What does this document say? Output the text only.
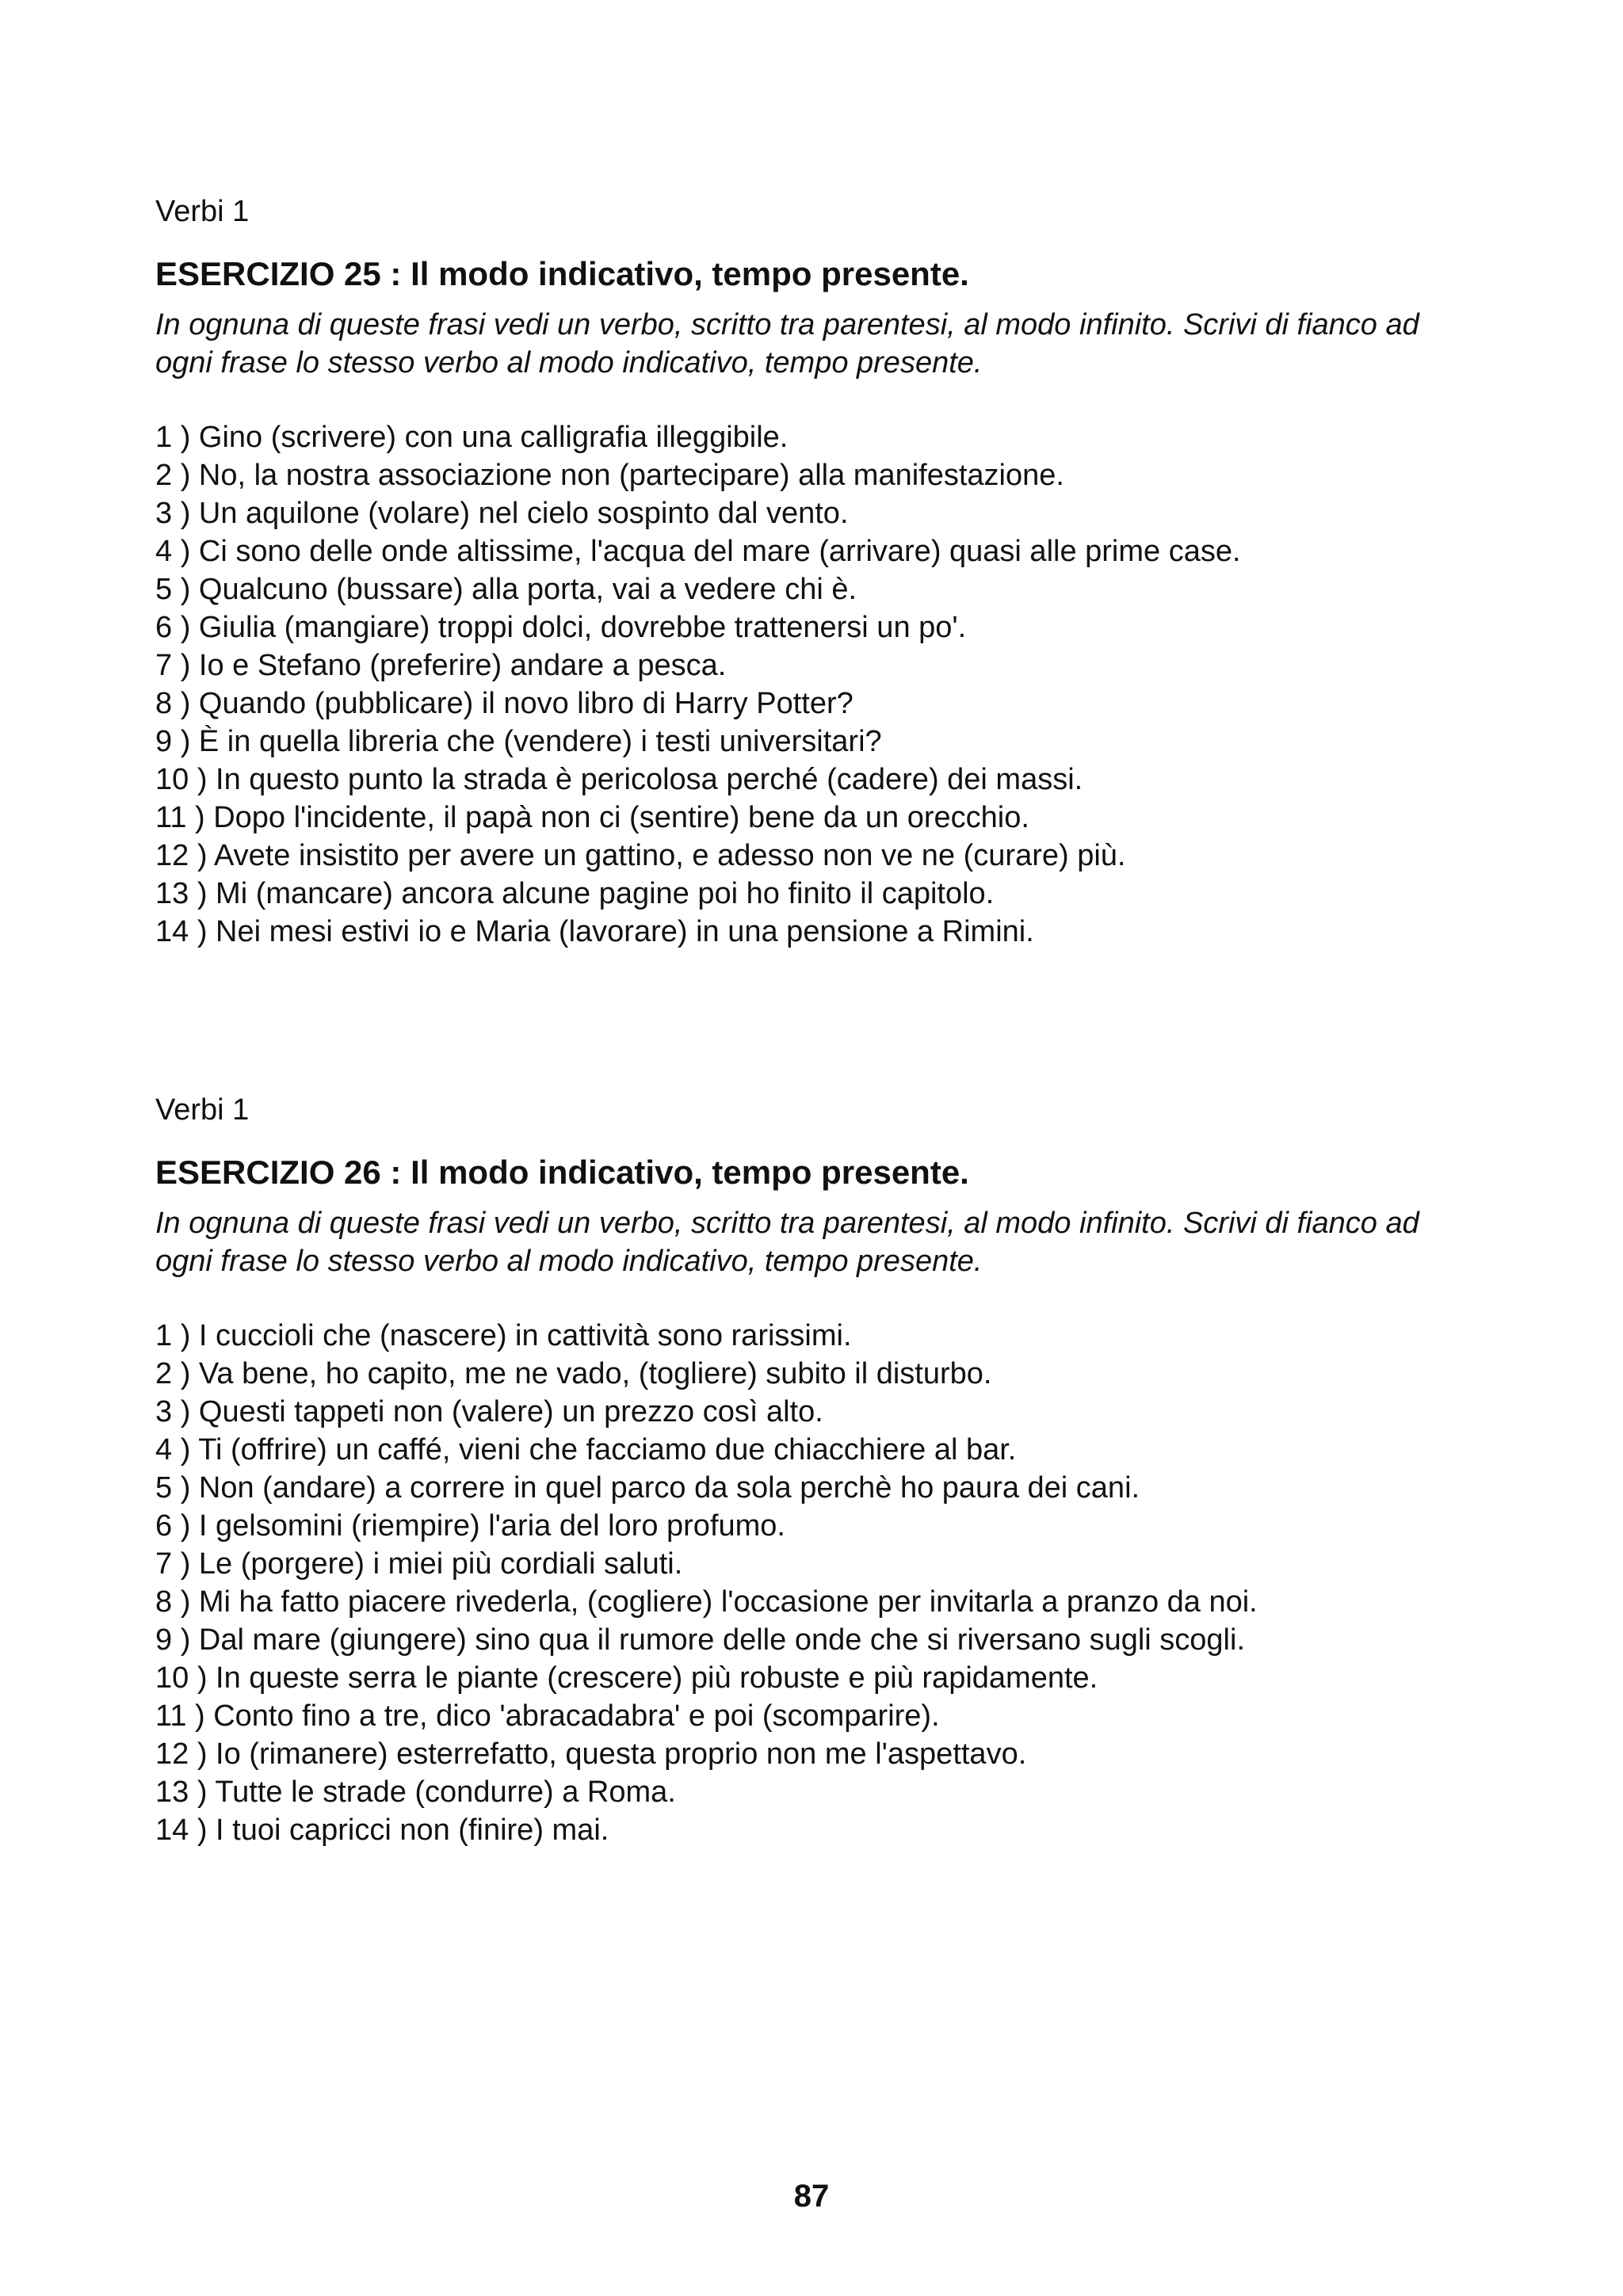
Verbi 1

ESERCIZIO 25 : Il modo indicativo, tempo presente.

In ognuna di queste frasi vedi un verbo, scritto tra parentesi, al modo infinito. Scrivi di fianco ad ogni frase lo stesso verbo al modo indicativo, tempo presente.

1 ) Gino (scrivere) con una calligrafia illeggibile.
2 ) No, la nostra associazione non (partecipare) alla manifestazione.
3 ) Un aquilone (volare) nel cielo sospinto dal vento.
4 ) Ci sono delle onde altissime, l'acqua del mare (arrivare) quasi alle prime case.
5 ) Qualcuno (bussare) alla porta, vai a vedere chi è.
6 ) Giulia (mangiare) troppi dolci, dovrebbe trattenersi un po'.
7 ) Io e Stefano (preferire) andare a pesca.
8 ) Quando (pubblicare) il novo libro di Harry Potter?
9 ) È in quella libreria che (vendere) i testi universitari?
10 ) In questo punto la strada è pericolosa perché (cadere) dei massi.
11 ) Dopo l'incidente, il papà non ci (sentire) bene da un orecchio.
12 ) Avete insistito per avere un gattino, e adesso non ve ne (curare) più.
13 ) Mi (mancare) ancora alcune pagine poi ho finito il capitolo.
14 ) Nei mesi estivi io e Maria (lavorare) in una pensione a Rimini.

Verbi 1

ESERCIZIO 26 : Il modo indicativo, tempo presente.

In ognuna di queste frasi vedi un verbo, scritto tra parentesi, al modo infinito. Scrivi di fianco ad ogni frase lo stesso verbo al modo indicativo, tempo presente.

1 ) I cuccioli che (nascere) in cattività sono rarissimi.
2 ) Va bene, ho capito, me ne vado, (togliere) subito il disturbo.
3 ) Questi tappeti non (valere) un prezzo così alto.
4 ) Ti (offrire) un caffé, vieni che facciamo due chiacchiere al bar.
5 ) Non (andare) a correre in quel parco da sola perchè ho paura dei cani.
6 ) I gelsomini (riempire) l'aria del loro profumo.
7 ) Le (porgere) i miei più cordiali saluti.
8 ) Mi ha fatto piacere rivederla, (cogliere) l'occasione per invitarla a pranzo da noi.
9 ) Dal mare (giungere) sino qua il rumore delle onde che si riversano sugli scogli.
10 ) In queste serra le piante (crescere) più robuste e più rapidamente.
11 ) Conto fino a tre, dico 'abracadabra' e poi (scomparire).
12 ) Io (rimanere) esterrefatto, questa proprio non me l'aspettavo.
13 ) Tutte le strade (condurre) a Roma.
14 ) I tuoi capricci non (finire) mai.
87
